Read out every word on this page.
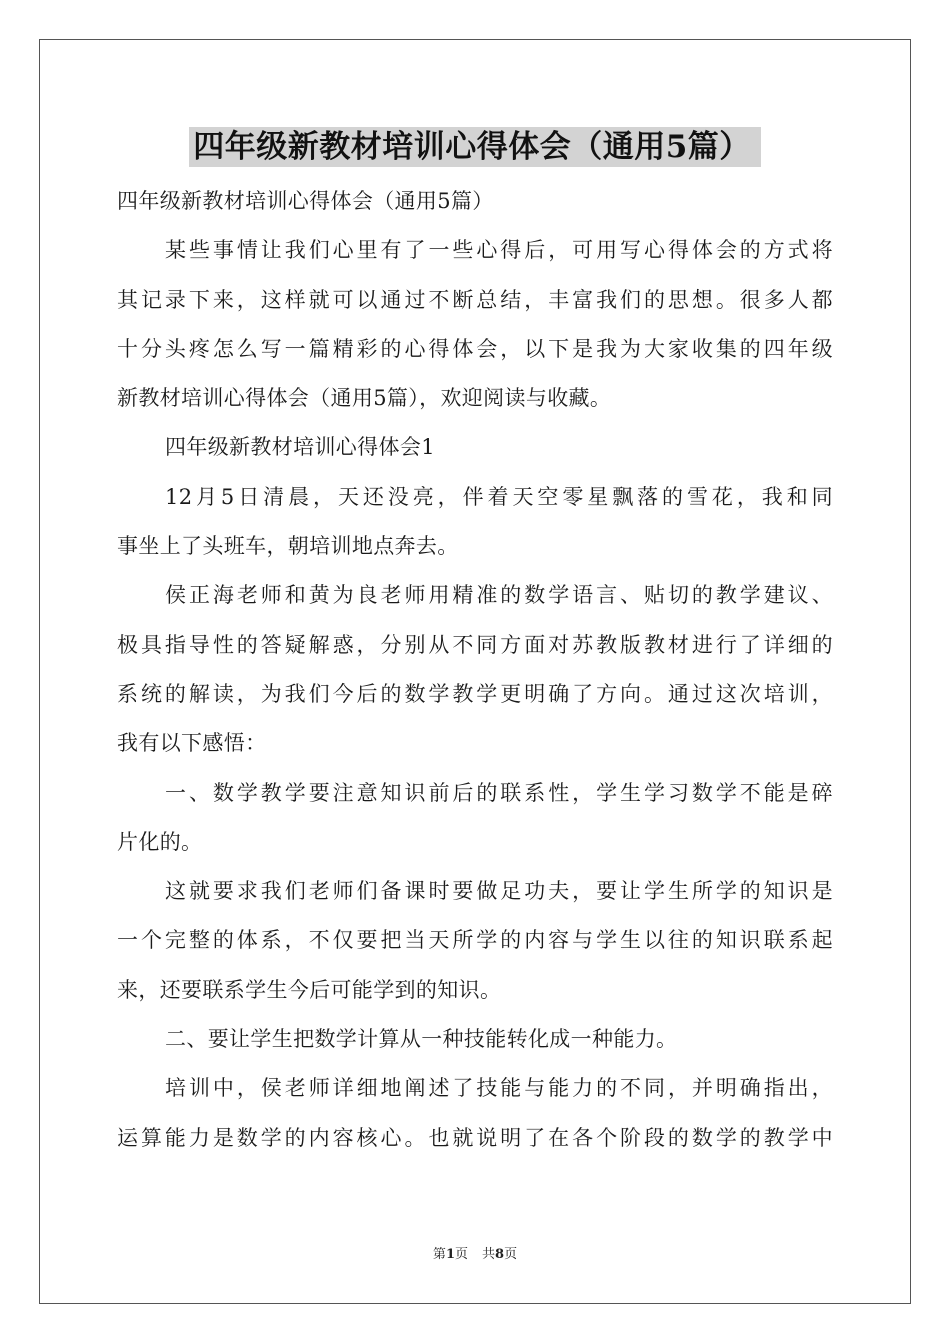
四年级新教材培训心得体会（通用5篇）
四年级新教材培训心得体会（通用5篇）
某些事情让我们心里有了一些心得后，可用写心得体会的方式将
其记录下来，这样就可以通过不断总结，丰富我们的思想。很多人都
十分头疼怎么写一篇精彩的心得体会，以下是我为大家收集的四年级
新教材培训心得体会（通用5篇），欢迎阅读与收藏。
四年级新教材培训心得体会1
12月5日清晨，天还没亮，伴着天空零星飘落的雪花，我和同
事坐上了头班车，朝培训地点奔去。
侯正海老师和黄为良老师用精准的数学语言、贴切的教学建议、
极具指导性的答疑解惑，分别从不同方面对苏教版教材进行了详细的
系统的解读，为我们今后的数学教学更明确了方向。通过这次培训，
我有以下感悟：
一、数学教学要注意知识前后的联系性，学生学习数学不能是碎
片化的。
这就要求我们老师们备课时要做足功夫，要让学生所学的知识是
一个完整的体系，不仅要把当天所学的内容与学生以往的知识联系起
来，还要联系学生今后可能学到的知识。
二、要让学生把数学计算从一种技能转化成一种能力。
培训中，侯老师详细地阐述了技能与能力的不同，并明确指出，
运算能力是数学的内容核心。也就说明了在各个阶段的数学的教学中
第1页 共8页
